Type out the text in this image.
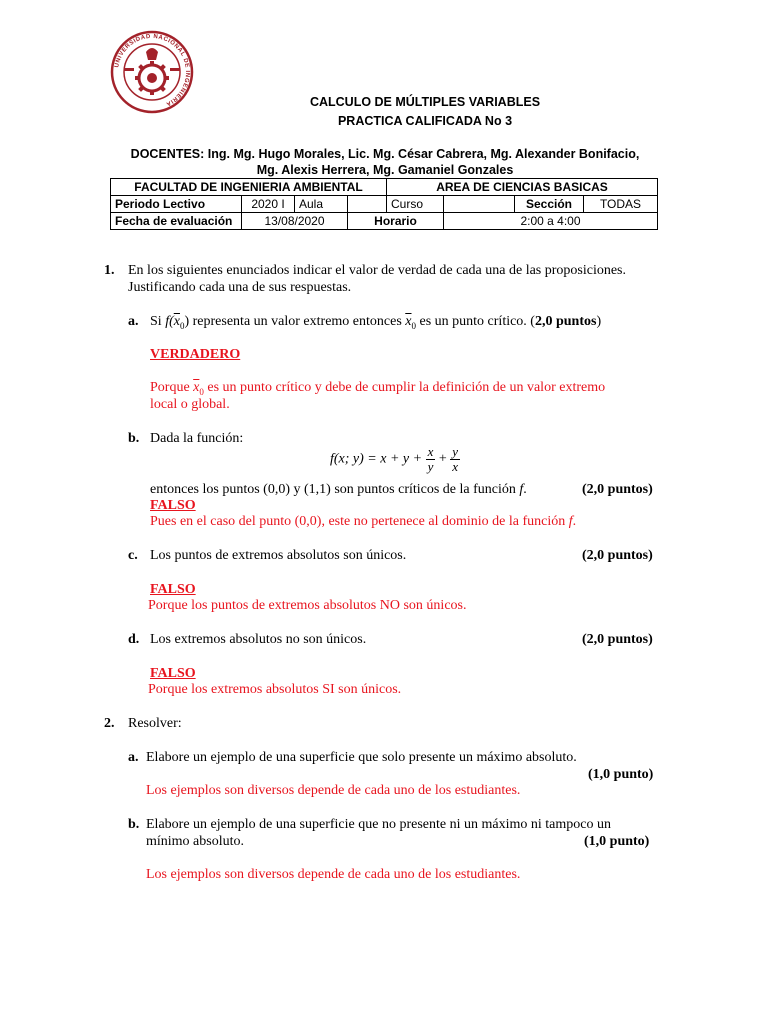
UNIVERSIDAD NACIONAL DE INGENIERIA	CALCULO DE MÚLTIPLES VARIABLES
PRACTICA CALIFICADA No 3
DOCENTES: Ing. Mg. Hugo Morales, Lic. Mg. César Cabrera, Mg. Alexander Bonifacio,
Mg. Alexis Herrera, Mg. Gamaniel Gonzales
FACULTAD DE INGENIERIA AMBIENTAL				AREA DE CIENCIAS BASICAS			
Periodo Lectivo	2020 I	Aula		Curso		Sección	TODAS
Fecha de evaluación	13/08/2020		Horario		2:00 a 4:00		
1. En los siguientes enunciados indicar el valor de verdad de cada una de las proposiciones.
Justificando cada una de sus respuestas.
a. Si $f(\overline{x}_0)$ representa un valor extremo entonces $\overline{x}_0$ es un punto crítico. (2,0 puntos)
VERDADERO
Porque $\overline{x}_0$ es un punto crítico y debe de cumplir la definición de un valor extremo
local o global.
b. Dada la función:
f(x; $y) = x + y + \frac{x}{y} + \frac{y}{x}$
entonces los puntos (0,0) y (1,1) son puntos críticos de la función f.	(2,0 puntos)
FALSO
Pues en el caso del punto (0,0), este no pertenece al dominio de la función f.
c. Los puntos de extremos absolutos son únicos.	(2,0 puntos)
FALSO
Porque los puntos de extremos absolutos NO son únicos.
d. Los extremos absolutos no son únicos.	(2,0 puntos)
FALSO
Porque los extremos absolutos SI son únicos.
2. Resolver:
a. Elabore un ejemplo de una superficie que solo presente un máximo absoluto.
(1,0 punto)
Los ejemplos son diversos depende de cada uno de los estudiantes.
b. Elabore un ejemplo de una superficie que no presente ni un máximo ni tampoco un
mínimo absoluto.	(1,0 punto)
Los ejemplos son diversos depende de cada uno de los estudiantes.
